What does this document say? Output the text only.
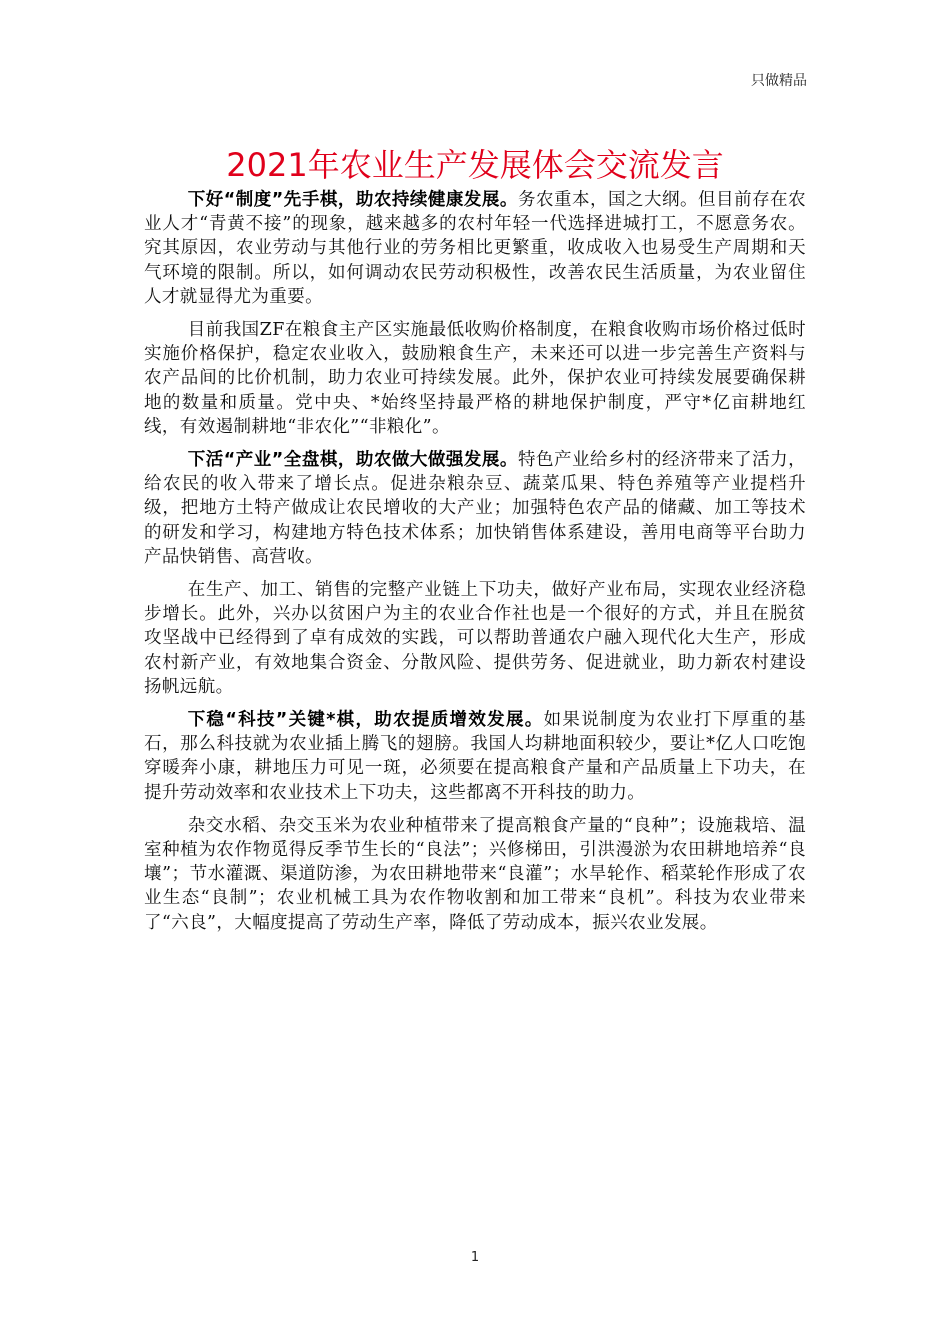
只做精品
2021年农业生产发展体会交流发言

下好“制度”先手棋，助农持续健康发展。务农重本，国之大纲。但目前存在农业人才“青黄不接”的现象，越来越多的农村年轻一代选择进城打工，不愿意务农。究其原因，农业劳动与其他行业的劳务相比更繁重，收成收入也易受生产周期和天气环境的限制。所以，如何调动农民劳动积极性，改善农民生活质量，为农业留住人才就显得尤为重要。

目前我国ZF在粮食主产区实施最低收购价格制度，在粮食收购市场价格过低时实施价格保护，稳定农业收入，鼓励粮食生产，未来还可以进一步完善生产资料与农产品间的比价机制，助力农业可持续发展。此外，保护农业可持续发展要确保耕地的数量和质量。党中央、*始终坚持最严格的耕地保护制度，严守*亿亩耕地红线，有效遏制耕地“非农化”“非粮化”。

下活“产业”全盘棋，助农做大做强发展。特色产业给乡村的经济带来了活力，给农民的收入带来了增长点。促进杂粮杂豆、蔬菜瓜果、特色养殖等产业提档升级，把地方土特产做成让农民增收的大产业；加强特色农产品的储藏、加工等技术的研发和学习，构建地方特色技术体系；加快销售体系建设，善用电商等平台助力产品快销售、高营收。

在生产、加工、销售的完整产业链上下功夫，做好产业布局，实现农业经济稳步增长。此外，兴办以贫困户为主的农业合作社也是一个很好的方式，并且在脱贫攻坚战中已经得到了卓有成效的实践，可以帮助普通农户融入现代化大生产，形成农村新产业，有效地集合资金、分散风险、提供劳务、促进就业，助力新农村建设扬帆远航。

下稳“科技”关键*棋，助农提质增效发展。如果说制度为农业打下厚重的基石，那么科技就为农业插上腾飞的翅膀。我国人均耕地面积较少，要让*亿人口吃饱穿暖奔小康，耕地压力可见一斑，必须要在提高粮食产量和产品质量上下功夫，在提升劳动效率和农业技术上下功夫，这些都离不开科技的助力。

杂交水稻、杂交玉米为农业种植带来了提高粮食产量的“良种”；设施栽培、温室种植为农作物觅得反季节生长的“良法”；兴修梯田，引洪漫淤为农田耕地培养“良壤”；节水灌溉、渠道防渗，为农田耕地带来“良灌”；水旱轮作、稻菜轮作形成了农业生态“良制”；农业机械工具为农作物收割和加工带来“良机”。科技为农业带来了“六良”，大幅度提高了劳动生产率，降低了劳动成本，振兴农业发展。

1
